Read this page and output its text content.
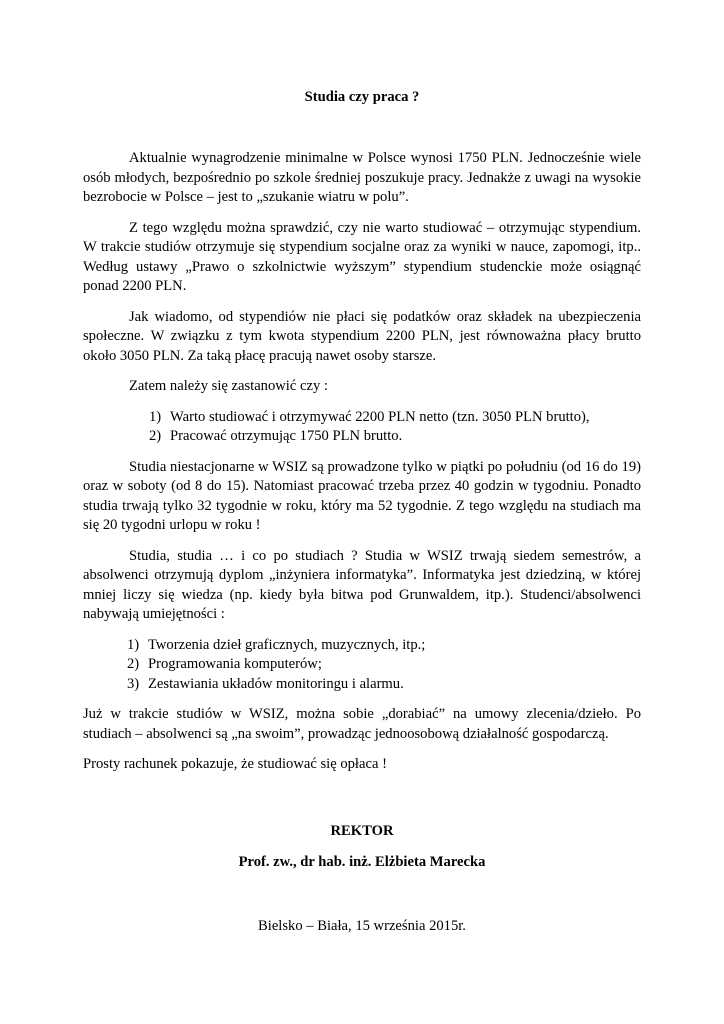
Studia czy praca ?

Aktualnie wynagrodzenie minimalne w Polsce wynosi 1750 PLN. Jednocześnie wiele osób młodych, bezpośrednio po szkole średniej poszukuje pracy. Jednakże z uwagi na wysokie bezrobocie w Polsce – jest to „szukanie wiatru w polu”.

Z tego względu można sprawdzić, czy nie warto studiować – otrzymując stypendium. W trakcie studiów otrzymuje się stypendium socjalne oraz za wyniki w nauce, zapomogi, itp.. Według ustawy „Prawo o szkolnictwie wyższym” stypendium studenckie może osiągnąć ponad 2200 PLN.

Jak wiadomo, od stypendiów nie płaci się podatków oraz składek na ubezpieczenia społeczne. W związku z tym kwota stypendium 2200 PLN, jest równoważna płacy brutto około 3050 PLN. Za taką płacę pracują nawet osoby starsze.

Zatem należy się zastanowić czy :

1) Warto studiować i otrzymywać 2200 PLN netto (tzn. 3050 PLN brutto),
2) Pracować otrzymując 1750 PLN brutto.

Studia niestacjonarne w WSIZ są prowadzone tylko w piątki po południu (od 16 do 19) oraz w soboty (od 8 do 15). Natomiast pracować trzeba przez 40 godzin w tygodniu. Ponadto studia trwają tylko 32 tygodnie w roku, który ma 52 tygodnie. Z tego względu na studiach ma się 20 tygodni urlopu w roku !

Studia, studia … i co po studiach ? Studia w WSIZ trwają siedem semestrów, a absolwenci otrzymują dyplom „inżyniera informatyka”. Informatyka jest dziedziną, w której mniej liczy się wiedza (np. kiedy była bitwa pod Grunwaldem, itp.). Studenci/absolwenci nabywają umiejętności :

1) Tworzenia dzieł graficznych, muzycznych, itp.;
2) Programowania komputerów;
3) Zestawiania układów monitoringu i alarmu.

Już w trakcie studiów w WSIZ, można sobie „dorabiać” na umowy zlecenia/dzieło. Po studiach – absolwenci są „na swoim”, prowadząc jednoosobową działalność gospodarczą.

Prosty rachunek pokazuje, że studiować się opłaca !

REKTOR
Prof. zw., dr hab. inż. Elżbieta Marecka
Bielsko – Biała, 15 września 2015r.
